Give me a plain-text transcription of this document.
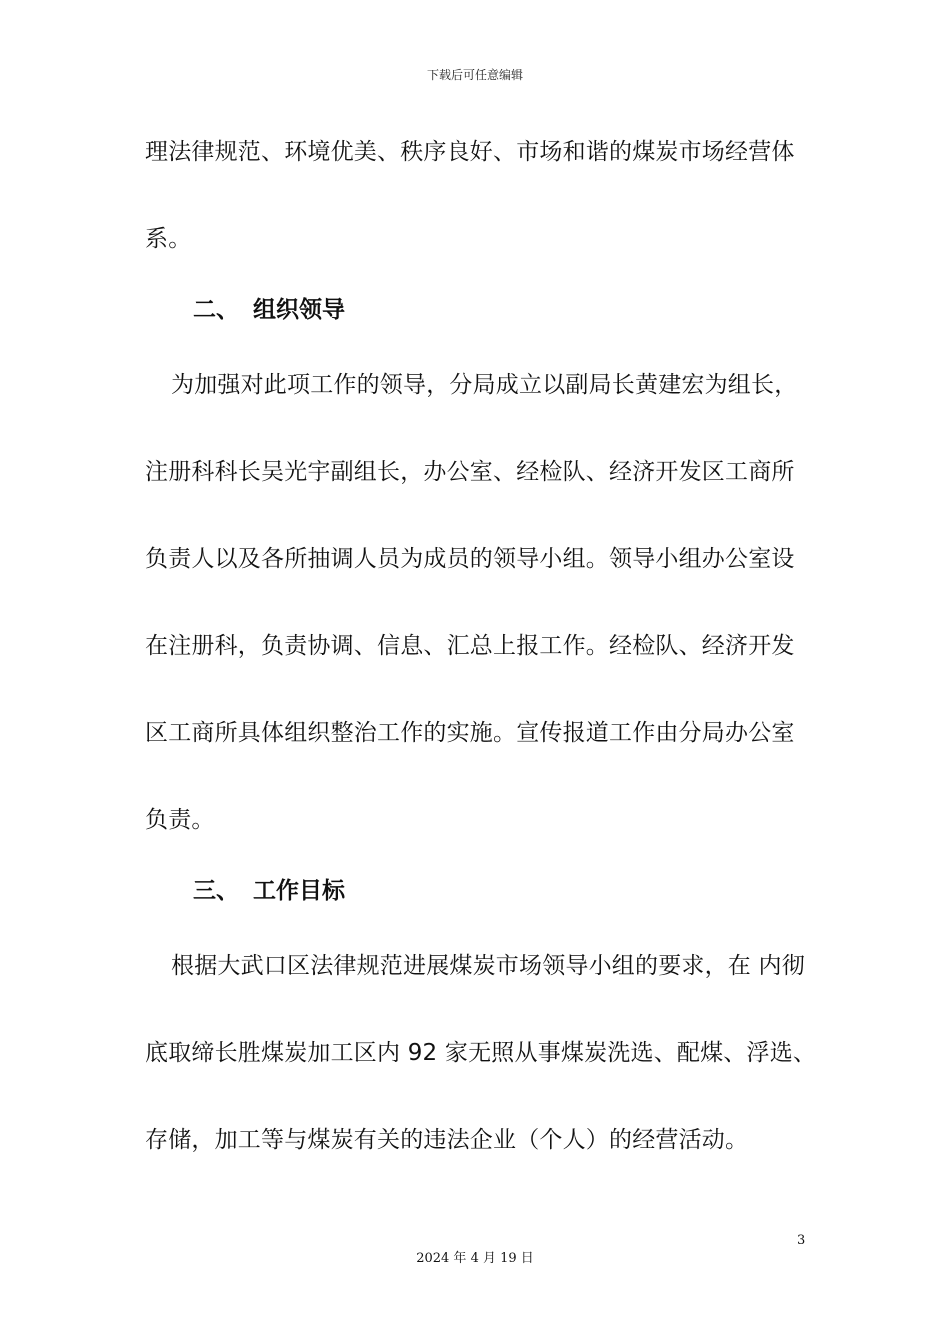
下载后可任意编辑
理法律规范、环境优美、秩序良好、市场和谐的煤炭市场经营体
系。
二、 组织领导
为加强对此项工作的领导，分局成立以副局长黄建宏为组长，
注册科科长吴光宇副组长，办公室、经检队、经济开发区工商所
负责人以及各所抽调人员为成员的领导小组。领导小组办公室设
在注册科，负责协调、信息、汇总上报工作。经检队、经济开发
区工商所具体组织整治工作的实施。宣传报道工作由分局办公室
负责。
三、 工作目标
根据大武口区法律规范进展煤炭市场领导小组的要求，在 内彻
底取缔长胜煤炭加工区内 92 家无照从事煤炭洗选、配煤、浮选、
存储，加工等与煤炭有关的违法企业（个人）的经营活动。
3
2024 年 4 月 19 日
